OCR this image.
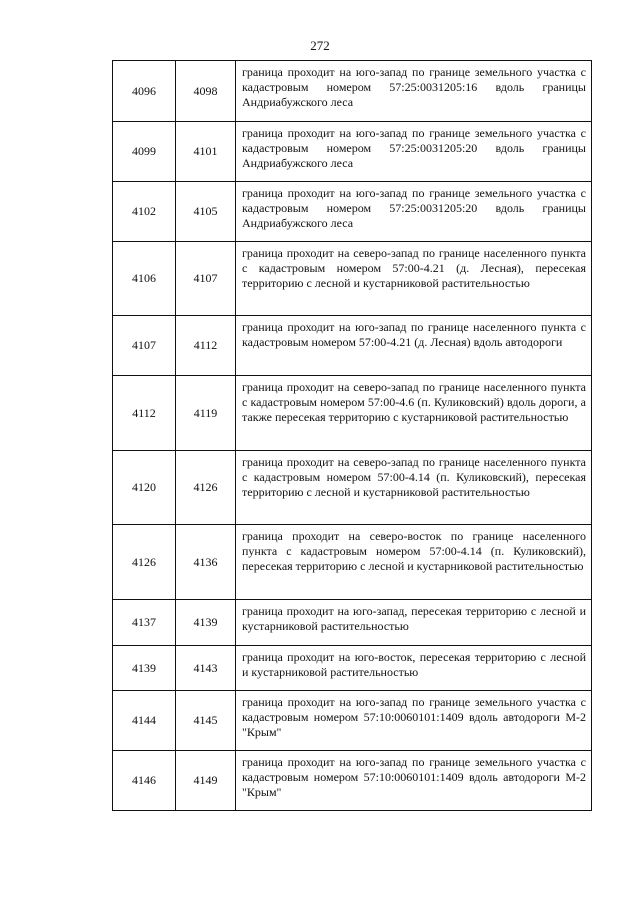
272
4096	4098	граница проходит на юго-запад по границе земельного участка с кадастровым номером 57:25:0031205:16 вдоль границы Андриабужского леса
4099	4101	граница проходит на юго-запад по границе земельного участка с кадастровым номером 57:25:0031205:20 вдоль границы Андриабужского леса
4102	4105	граница проходит на юго-запад по границе земельного участка с кадастровым номером 57:25:0031205:20 вдоль границы Андриабужского леса
4106	4107	граница проходит на северо-запад по границе населенного пункта с кадастровым номером 57:00-4.21 (д. Лесная), пересекая территорию с лесной и кустарниковой растительностью
4107	4112	граница проходит на юго-запад по границе населенного пункта с кадастровым номером 57:00-4.21 (д. Лесная) вдоль автодороги
4112	4119	граница проходит на северо-запад по границе населенного пункта с кадастровым номером 57:00-4.6 (п. Куликовский) вдоль дороги, а также пересекая территорию с кустарниковой растительностью
4120	4126	граница проходит на северо-запад по границе населенного пункта с кадастровым номером 57:00-4.14 (п. Куликовский), пересекая территорию с лесной и кустарниковой растительностью
4126	4136	граница проходит на северо-восток по границе населенного пункта с кадастровым номером 57:00-4.14 (п. Куликовский), пересекая территорию с лесной и кустарниковой растительностью
4137	4139	граница проходит на юго-запад, пересекая территорию с лесной и кустарниковой растительностью
4139	4143	граница проходит на юго-восток, пересекая территорию с лесной и кустарниковой растительностью
4144	4145	граница проходит на юго-запад по границе земельного участка с кадастровым номером 57:10:0060101:1409 вдоль автодороги М-2 "Крым"
4146	4149	граница проходит на юго-запад по границе земельного участка с кадастровым номером 57:10:0060101:1409 вдоль автодороги М-2 "Крым"
